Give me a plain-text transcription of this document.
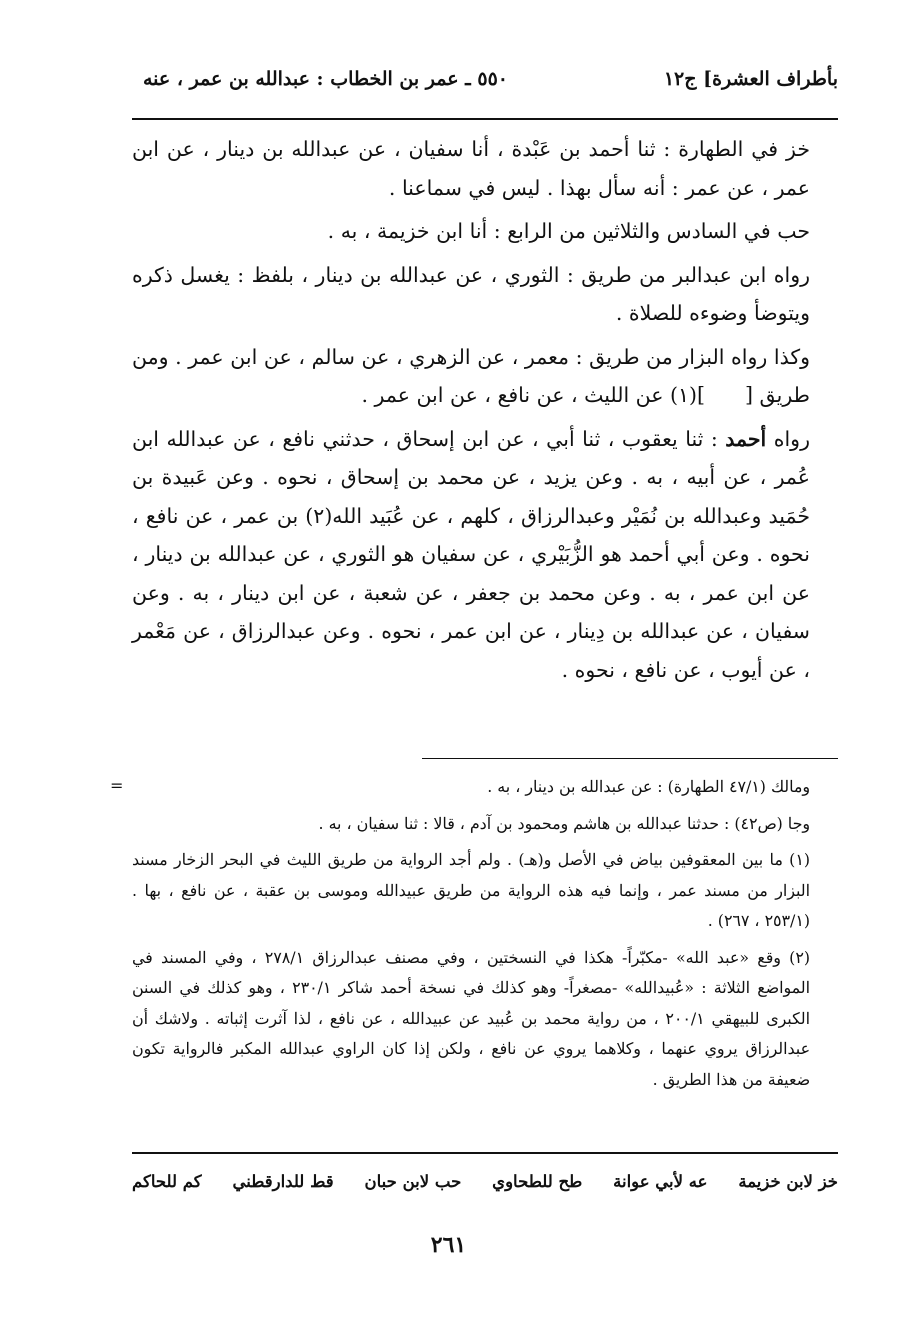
بأطراف العشرة] ج١٢
٥٥٠ ـ عمر بن الخطاب : عبدالله بن عمر ، عنه

خز في الطهارة : ثنا أحمد بن عَبْدة ، أنا سفيان ، عن عبدالله بن دينار ، عن ابن عمر ، عن عمر : أنه سأل بهذا . ليس في سماعنا .

حب في السادس والثلاثين من الرابع : أنا ابن خزيمة ، به .

رواه ابن عبدالبر من طريق : الثوري ، عن عبدالله بن دينار ، بلفظ : يغسل ذكره ويتوضأ وضوءه للصلاة .

وكذا رواه البزار من طريق : معمر ، عن الزهري ، عن سالم ، عن ابن عمر . ومن طريق [](١) عن الليث ، عن نافع ، عن ابن عمر .

رواه أحمد : ثنا يعقوب ، ثنا أبي ، عن ابن إسحاق ، حدثني نافع ، عن عبدالله ابن عُمر ، عن أبيه ، به . وعن يزيد ، عن محمد بن إسحاق ، نحوه . وعن عَبيدة بن حُمَيد وعبدالله بن نُمَيْر وعبدالرزاق ، كلهم ، عن عُبَيد الله(٢) بن عمر ، عن نافع ، نحوه . وعن أبي أحمد هو الزُّبَيْري ، عن سفيان هو الثوري ، عن عبدالله بن دينار ، عن ابن عمر ، به . وعن محمد بن جعفر ، عن شعبة ، عن ابن دينار ، به . وعن سفيان ، عن عبدالله بن دِينار ، عن ابن عمر ، نحوه . وعن عبدالرزاق ، عن مَعْمر ، عن أيوب ، عن نافع ، نحوه .

=	ومالك (٤٧/١ الطهارة) : عن عبدالله بن دينار ، به .

وجا (ص٤٢) : حدثنا عبدالله بن هاشم ومحمود بن آدم ، قالا : ثنا سفيان ، به .

(١) ما بين المعقوفين بياض في الأصل و(هـ) . ولم أجد الرواية من طريق الليث في البحر الزخار مسند البزار من مسند عمر ، وإنما فيه هذه الرواية من طريق عبيدالله وموسى بن عقبة ، عن نافع ، بها . (٢٥٣/١ ، ٢٦٧) .

(٢) وقع «عبد الله» -مكبّراً- هكذا في النسختين ، وفي مصنف عبدالرزاق ٢٧٨/١ ، وفي المسند في المواضع الثلاثة : «عُبيدالله» -مصغراً- وهو كذلك في نسخة أحمد شاكر ٢٣٠/١ ، وهو كذلك في السنن الكبرى للبيهقي ٢٠٠/١ ، من رواية محمد بن عُبيد عن عبيدالله ، عن نافع ، لذا آثرت إثباته . ولاشك أن عبدالرزاق يروي عنهما ، وكلاهما يروي عن نافع ، ولكن إذا كان الراوي عبدالله المكبر فالرواية تكون ضعيفة من هذا الطريق .

خز لابن خزيمة
عه لأبي عوانة
طح للطحاوي
حب لابن حبان
قط للدارقطني
كم للحاكم
٢٦١
